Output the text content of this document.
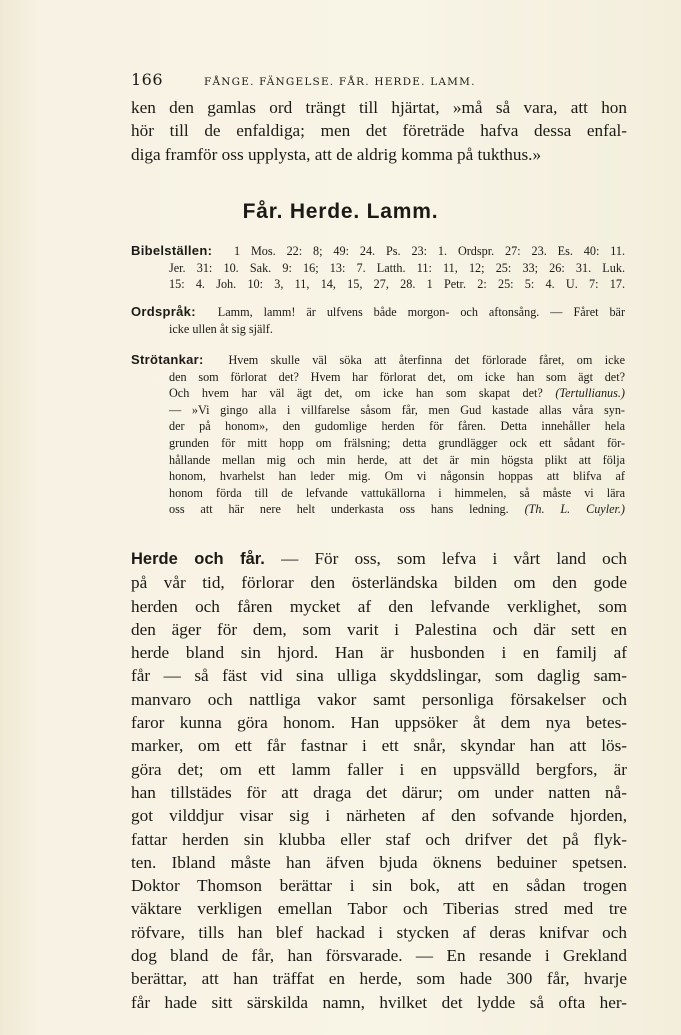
166	FÅNGE. FÄNGELSE. FÅR. HERDE. LAMM.
ken den gamlas ord trängt till hjärtat, »må så vara, att hon
hör till de enfaldiga; men det företräde hafva dessa enfal-
diga framför oss upplysta, att de aldrig komma på tukthus.»
Får. Herde. Lamm.
Bibelställen: 1 Mos. 22: 8; 49: 24. Ps. 23: 1. Ordspr. 27: 23. Es. 40: 11.
Jer. 31: 10. Sak. 9: 16; 13: 7. Latth. 11: 11, 12; 25: 33; 26: 31. Luk.
15: 4. Joh. 10: 3, 11, 14, 15, 27, 28. 1 Petr. 2: 25: 5: 4. U. 7: 17.
Ordspråk: Lamm, lamm! är ulfvens både morgon- och aftonsång. — Fåret bär
icke ullen åt sig själf.
Strötankar: Hvem skulle väl söka att återfinna det förlorade fåret, om icke
den som förlorat det? Hvem har förlorat det, om icke han som ägt det?
Och hvem har väl ägt det, om icke han som skapat det? (Tertullianus.)
— »Vi gingo alla i villfarelse såsom får, men Gud kastade allas våra syn-
der på honom», den gudomlige herden för fåren. Detta innehåller hela
grunden för mitt hopp om frälsning; detta grundlägger ock ett sådant för-
hållande mellan mig och min herde, att det är min högsta plikt att följa
honom, hvarhelst han leder mig. Om vi någonsin hoppas att blifva af
honom förda till de lefvande vattukällorna i himmelen, så måste vi lära
oss att här nere helt underkasta oss hans ledning. (Th. L. Cuyler.)
Herde och får. — För oss, som lefva i vårt land och
på vår tid, förlorar den österländska bilden om den gode
herden och fåren mycket af den lefvande verklighet, som
den äger för dem, som varit i Palestina och där sett en
herde bland sin hjord. Han är husbonden i en familj af
får — så fäst vid sina ulliga skyddslingar, som daglig sam-
manvaro och nattliga vakor samt personliga försakelser och
faror kunna göra honom. Han uppsöker åt dem nya betes-
marker, om ett får fastnar i ett snår, skyndar han att lös-
göra det; om ett lamm faller i en uppsvälld bergfors, är
han tillstädes för att draga det därur; om under natten nå-
got vilddjur visar sig i närheten af den sofvande hjorden,
fattar herden sin klubba eller staf och drifver det på flyk-
ten. Ibland måste han äfven bjuda öknens beduiner spetsen.
Doktor Thomson berättar i sin bok, att en sådan trogen
väktare verkligen emellan Tabor och Tiberias stred med tre
röfvare, tills han blef hackad i stycken af deras knifvar och
dog bland de får, han försvarade. — En resande i Grekland
berättar, att han träffat en herde, som hade 300 får, hvarje
får hade sitt särskilda namn, hvilket det lydde så ofta her-
